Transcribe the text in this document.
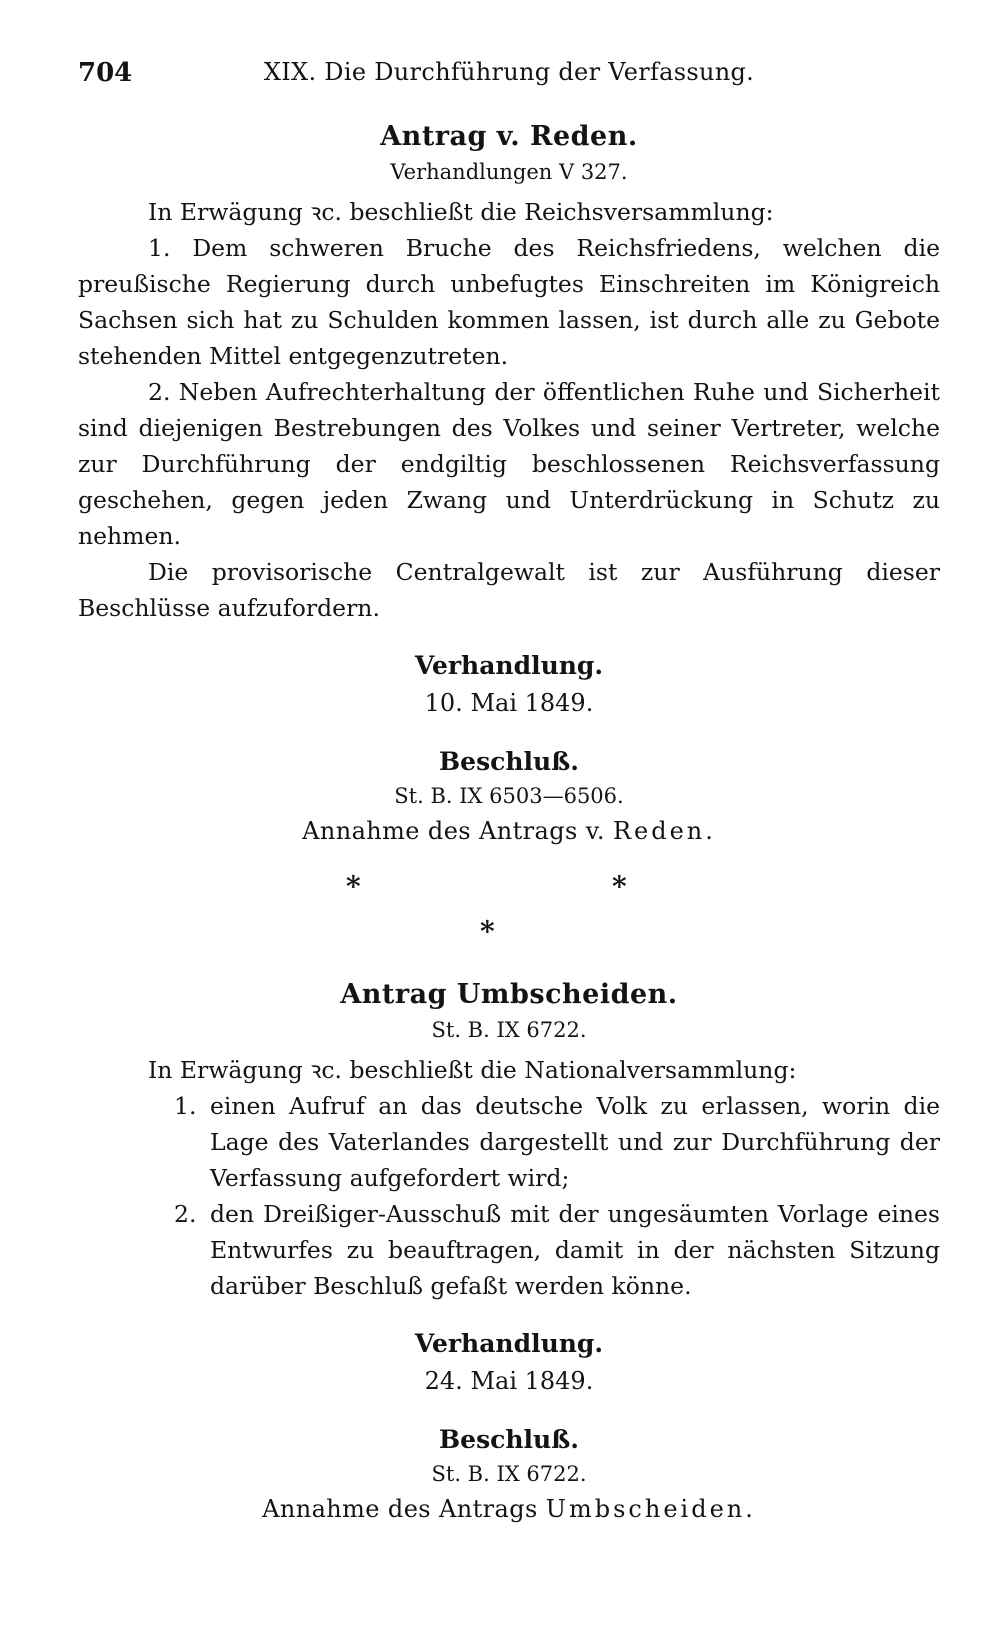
704	XIX. Die Durchführung der Verfassung.
Antrag v. Reden.
Verhandlungen V 327.
In Erwägung ꝛc. beschließt die Reichsversammlung:
1. Dem schweren Bruche des Reichsfriedens, welchen die preußische Regierung durch unbefugtes Einschreiten im Königreich Sachsen sich hat zu Schulden kommen lassen, ist durch alle zu Gebote stehenden Mittel entgegenzutreten.
2. Neben Aufrechterhaltung der öffentlichen Ruhe und Sicherheit sind diejenigen Bestrebungen des Volkes und seiner Vertreter, welche zur Durchführung der endgiltig beschlossenen Reichsverfassung geschehen, gegen jeden Zwang und Unterdrückung in Schutz zu nehmen.
Die provisorische Centralgewalt ist zur Ausführung dieser Beschlüsse aufzufordern.
Verhandlung.
10. Mai 1849.
Beschluß.
St. B. IX 6503—6506.
Annahme des Antrags v. Reden.
*	*
*
Antrag Umbscheiden.
St. B. IX 6722.
In Erwägung ꝛc. beschließt die Nationalversammlung:
1. einen Aufruf an das deutsche Volk zu erlassen, worin die Lage des Vaterlandes dargestellt und zur Durchführung der Verfassung aufgefordert wird;
2. den Dreißiger-Ausschuß mit der ungesäumten Vorlage eines Entwurfes zu beauftragen, damit in der nächsten Sitzung darüber Beschluß gefaßt werden könne.
Verhandlung.
24. Mai 1849.
Beschluß.
St. B. IX 6722.
Annahme des Antrags Umbscheiden.
